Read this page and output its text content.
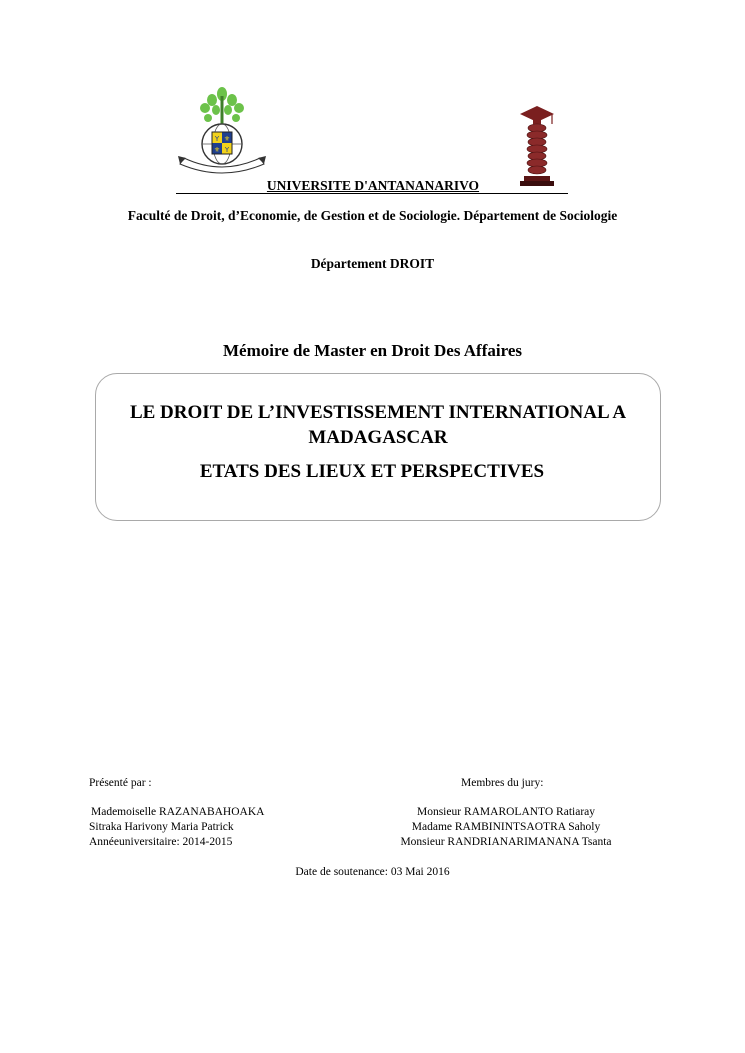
Y ⚜
⚜ Y
UNIVERSITE D'ANTANANARIVO
Faculté de Droit, d’Economie, de Gestion et de Sociologie. Département de Sociologie
Département DROIT
Mémoire de Master en Droit Des Affaires
LE DROIT DE L’INVESTISSEMENT INTERNATIONAL A
MADAGASCAR
ETATS DES LIEUX ET PERSPECTIVES
Présenté par :
Mademoiselle RAZANABAHOAKA
Sitraka Harivony Maria Patrick
Annéeuniversitaire: 2014-2015
Membres du jury:
Monsieur RAMAROLANTO Ratiaray
Madame RAMBININTSAOTRA Saholy
Monsieur RANDRIANARIMANANA Tsanta
Date de soutenance: 03 Mai 2016
